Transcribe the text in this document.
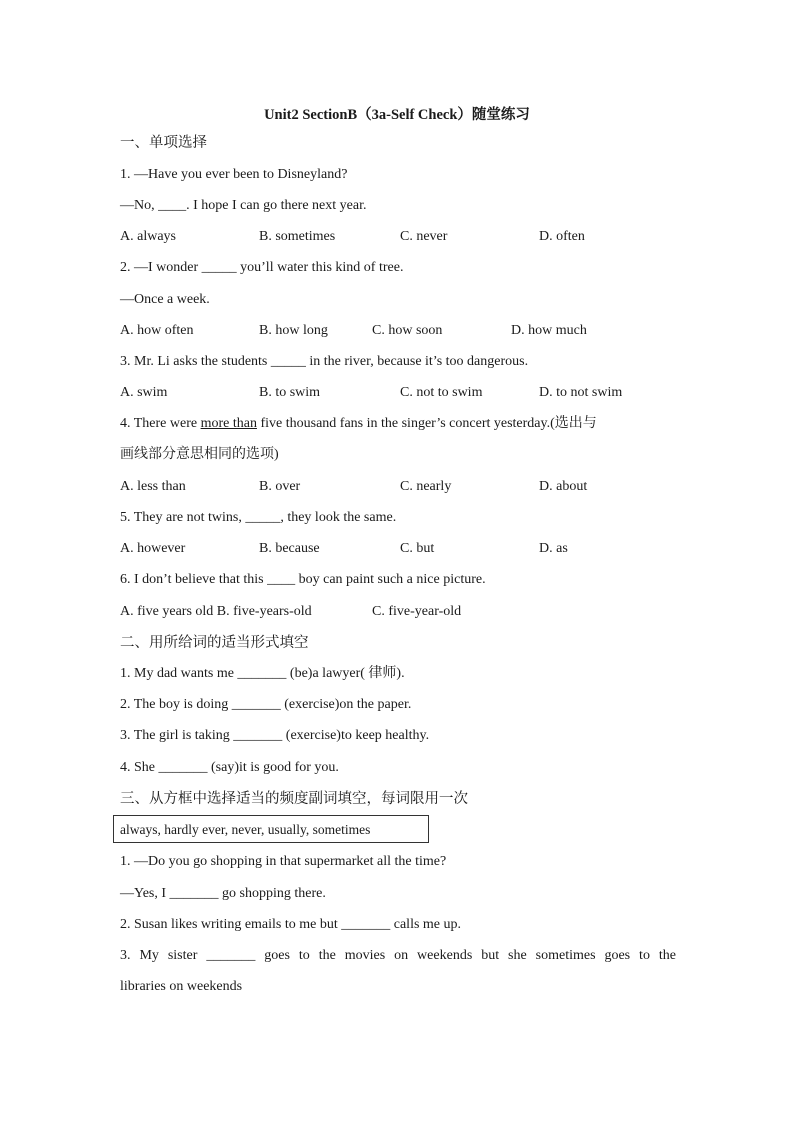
Unit2 SectionB（3a-Self Check）随堂练习
一、单项选择
1. —Have you ever been to Disneyland?
—No, ____. I hope I can go there next year.
A. always	B. sometimes	C. never	D. often
2. —I wonder _____ you’ll water this kind of tree.
—Once a week.
A. how often	B. how long	C. how soon	D. how much
3. Mr. Li asks the students _____ in the river, because it’s too dangerous.
A. swim	B. to swim	C. not to swim	D. to not swim
4. There were more than five thousand fans in the singer’s concert yesterday.(选出与
画线部分意思相同的选项)
A. less than	B. over	C. nearly	D. about
5. They are not twins, _____, they look the same.
A. however	B. because	C. but	D. as
6. I don’t believe that this ____ boy can paint such a nice picture.
A. five years old B. five-years-old	C. five-year-old
二、用所给词的适当形式填空
1. My dad wants me _______ (be)a lawyer( 律师).
2. The boy is doing _______ (exercise)on the paper.
3. The girl is taking _______ (exercise)to keep healthy.
4. She _______ (say)it is good for you.
三、从方框中选择适当的频度副词填空，每词限用一次
always, hardly ever, never, usually, sometimes
1. —Do you go shopping in that supermarket all the time?
—Yes, I _______ go shopping there.
2. Susan likes writing emails to me but _______ calls me up.
3. My sister _______ goes to the movies on weekends but she sometimes goes to the
libraries on weekends
